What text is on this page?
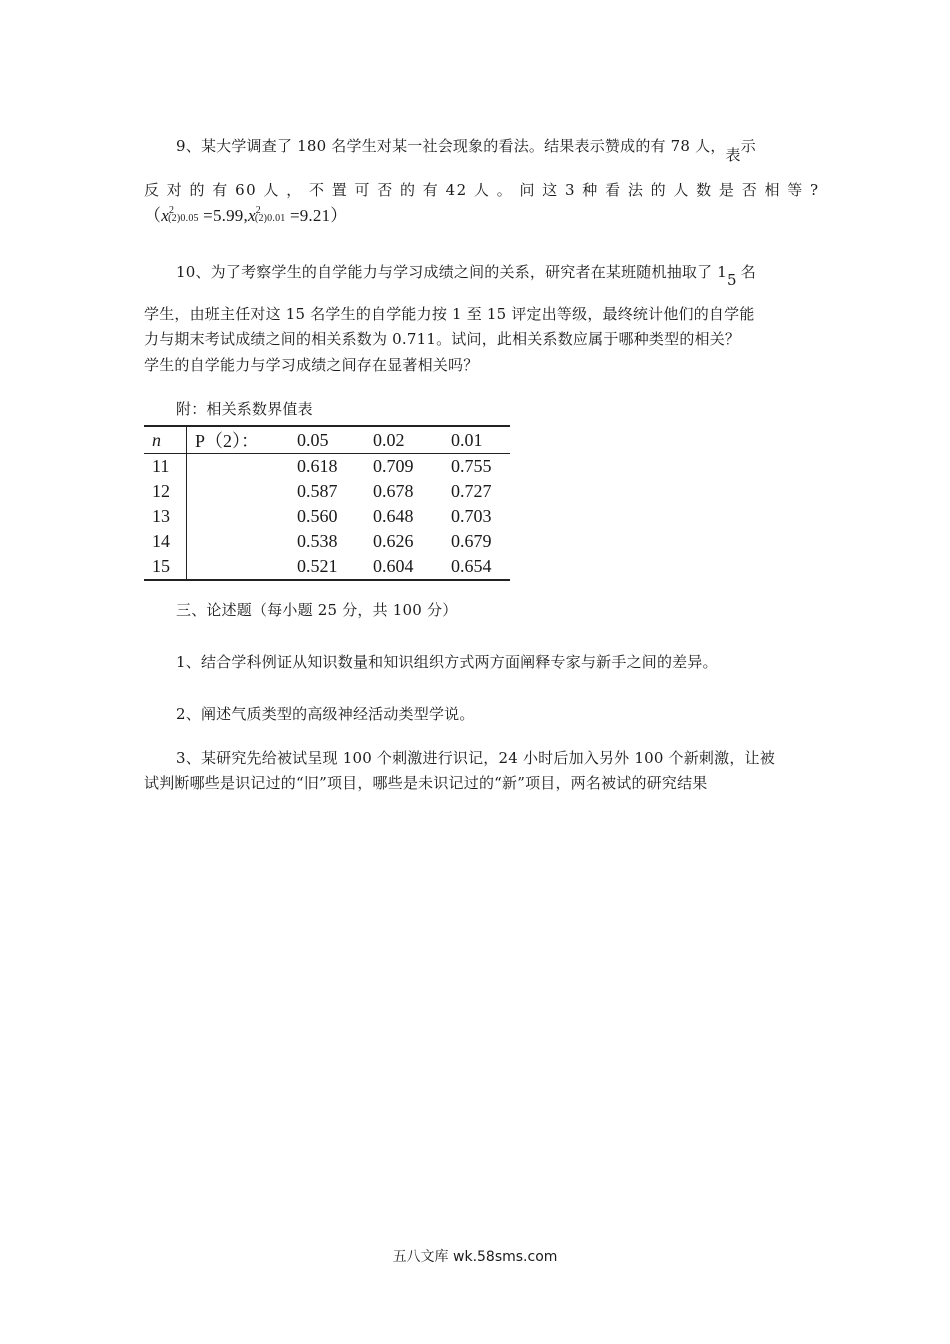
9、某大学调查了 180 名学生对某一社会现象的看法。结果表示赞成的有 78 人，表示
反 对 的 有 60 人 ， 不 置 可 否 的 有 42 人 。 问 这 3 种 看 法 的 人 数 是 否 相 等 ?
$(x^2(2)0.05 =5.99,x^2(2)0.01 =9.21)$
10、为了考察学生的自学能力与学习成绩之间的关系，研究者在某班随机抽取了 15 名
学生，由班主任对这 15 名学生的自学能力按 1 至 15 评定出等级，最终统计他们的自学能
力与期末考试成绩之间的相关系数为 0.711。试问，此相关系数应属于哪种类型的相关？
学生的自学能力与学习成绩之间存在显著相关吗？
附：相关系数界值表
n	P（2）：	0.05	0.02	0.01
11		0.618	0.709	0.755
12		0.587	0.678	0.727
13		0.560	0.648	0.703
14		0.538	0.626	0.679
15		0.521	0.604	0.654
三、论述题（每小题 25 分，共 100 分）
1、结合学科例证从知识数量和知识组织方式两方面阐释专家与新手之间的差异。
2、阐述气质类型的高级神经活动类型学说。
3、某研究先给被试呈现 100 个刺激进行识记，24 小时后加入另外 100 个新刺激，让被
试判断哪些是识记过的“旧”项目，哪些是未识记过的“新”项目，两名被试的研究结果
五八文库 wk.58sms.com
